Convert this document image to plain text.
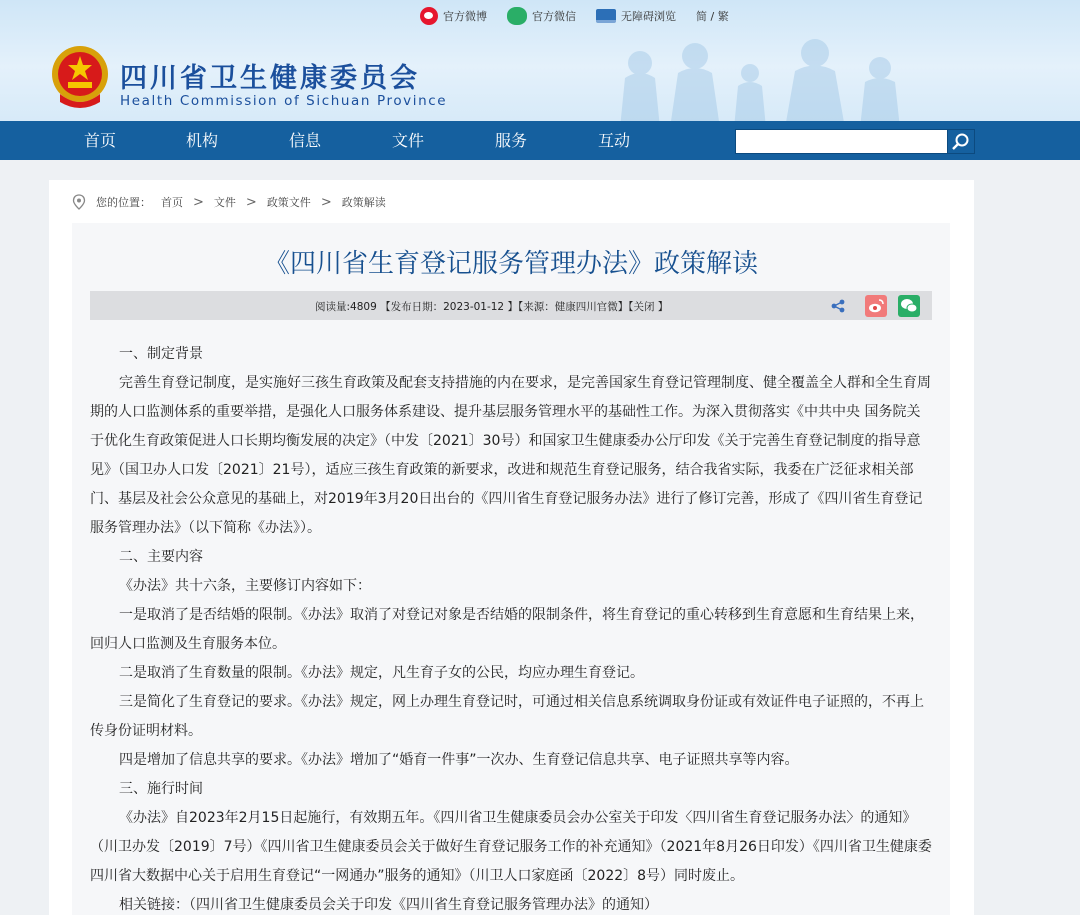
官方微博	官方微信	无障碍浏览 简 / 繁
四川省卫生健康委员会
Health Commission of Sichuan Province
首页	机构	信息	文件	服务	互动
您的位置： 首页 > 文件 > 政策文件 > 政策解读
《四川省生育登记服务管理办法》政策解读
阅读量:4809 【发布日期：2023-01-12 】【来源：健康四川官微】【关闭 】

一、制定背景

完善生育登记制度，是实施好三孩生育政策及配套支持措施的内在要求，是完善国家生育登记管理制度、健全覆盖全人群和全生育周期的人口监测体系的重要举措，是强化人口服务体系建设、提升基层服务管理水平的基础性工作。为深入贯彻落实《中共中央 国务院关于优化生育政策促进人口长期均衡发展的决定》（中发〔2021〕30号）和国家卫生健康委办公厅印发《关于完善生育登记制度的指导意见》（国卫办人口发〔2021〕21号），适应三孩生育政策的新要求，改进和规范生育登记服务，结合我省实际，我委在广泛征求相关部门、基层及社会公众意见的基础上，对2019年3月20日出台的《四川省生育登记服务办法》进行了修订完善，形成了《四川省生育登记服务管理办法》（以下简称《办法》）。

二、主要内容

《办法》共十六条，主要修订内容如下：

一是取消了是否结婚的限制。《办法》取消了对登记对象是否结婚的限制条件，将生育登记的重心转移到生育意愿和生育结果上来，回归人口监测及生育服务本位。

二是取消了生育数量的限制。《办法》规定，凡生育子女的公民，均应办理生育登记。

三是简化了生育登记的要求。《办法》规定，网上办理生育登记时，可通过相关信息系统调取身份证或有效证件电子证照的，不再上传身份证明材料。

四是增加了信息共享的要求。《办法》增加了“婚育一件事”一次办、生育登记信息共享、电子证照共享等内容。

三、施行时间

《办法》自2023年2月15日起施行，有效期五年。《四川省卫生健康委员会办公室关于印发〈四川省生育登记服务办法〉的通知》（川卫办发〔2019〕7号）《四川省卫生健康委员会关于做好生育登记服务工作的补充通知》（2021年8月26日印发）《四川省卫生健康委四川省大数据中心关于启用生育登记“一网通办”服务的通知》（川卫人口家庭函〔2022〕8号）同时废止。

相关链接：（四川省卫生健康委员会关于印发《四川省生育登记服务管理办法》的通知）
